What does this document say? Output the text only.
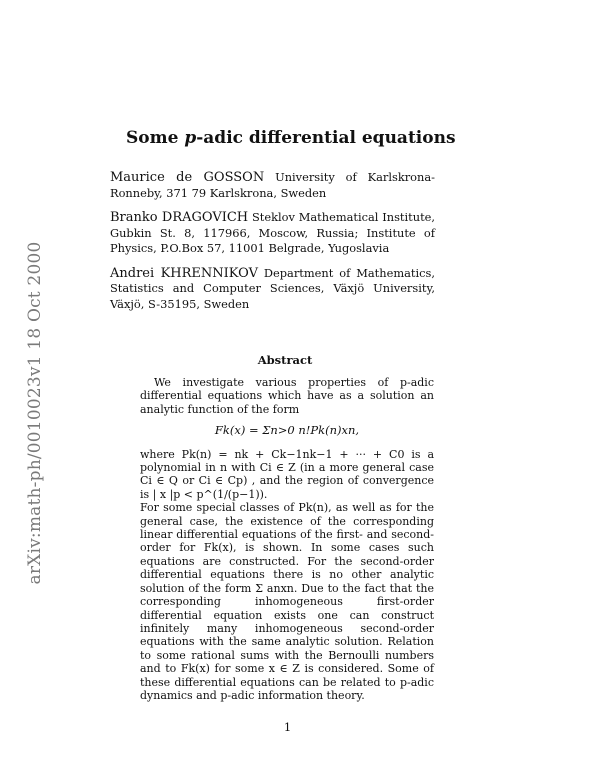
arXiv:math-ph/0010023v1 18 Oct 2000
Some p-adic differential equations
Maurice de GOSSON University of Karlskrona-Ronneby, 371 79 Karlskrona, Sweden
Branko DRAGOVICH Steklov Mathematical Institute, Gubkin St. 8, 117966, Moscow, Russia; Institute of Physics, P.O.Box 57, 11001 Belgrade, Yugoslavia
Andrei KHRENNIKOV Department of Mathematics, Statistics and Computer Sciences, Växjö University, Växjö, S-35195, Sweden
Abstract

We investigate various properties of p-adic differential equations which have as a solution an analytic function of the form

Fk(x) = Σn>0 n!Pk(n)xn,

where Pk(n) = nk + Ck−1nk−1 + ··· + C0 is a polynomial in n with Ci ∈ Z (in a more general case Ci ∈ Q or Ci ∈ Cp) , and the region of convergence is | x |p < p^(1/(p−1)).

For some special classes of Pk(n), as well as for the general case, the existence of the corresponding linear differential equations of the first- and second-order for Fk(x), is shown. In some cases such equations are constructed. For the second-order differential equations there is no other analytic solution of the form Σ anxn. Due to the fact that the corresponding inhomogeneous first-order differential equation exists one can construct infinitely many inhomogeneous second-order equations with the same analytic solution. Relation to some rational sums with the Bernoulli numbers and to Fk(x) for some x ∈ Z is considered. Some of these differential equations can be related to p-adic dynamics and p-adic information theory.

1
